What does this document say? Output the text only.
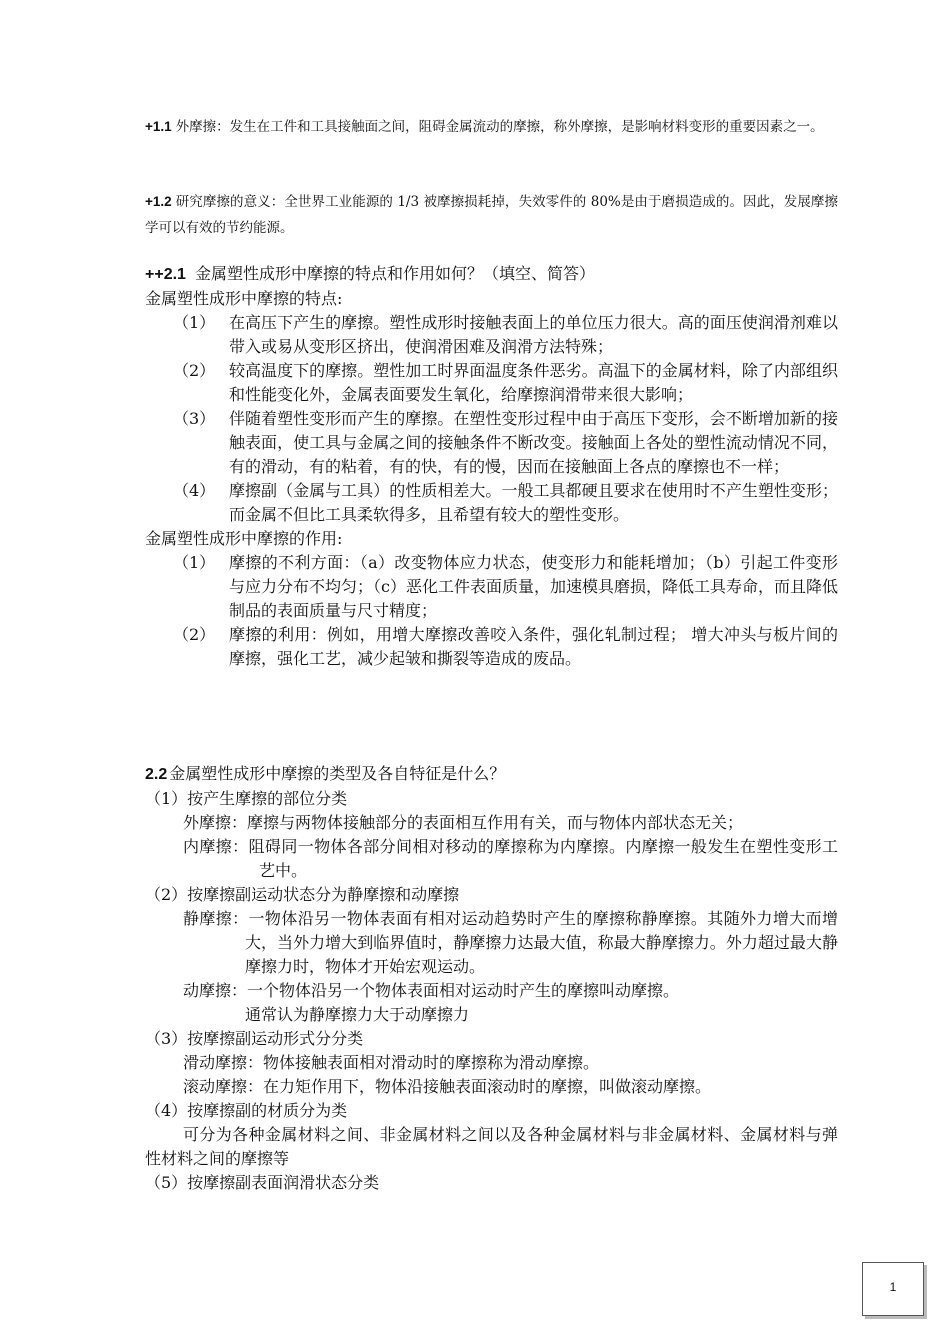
+1.1 外摩擦：发生在工件和工具接触面之间，阻碍金属流动的摩擦，称外摩擦，是影响材料变形的重要因素之一。

+1.2 研究摩擦的意义：全世界工业能源的 1/3 被摩擦损耗掉，失效零件的 80%是由于磨损造成的。因此，发展摩擦学可以有效的节约能源。

++2.1 金属塑性成形中摩擦的特点和作用如何？（填空、简答）

金属塑性成形中摩擦的特点:

（1） 在高压下产生的摩擦。塑性成形时接触表面上的单位压力很大。高的面压使润滑剂难以带入或易从变形区挤出，使润滑困难及润滑方法特殊；
（2） 较高温度下的摩擦。塑性加工时界面温度条件恶劣。高温下的金属材料，除了内部组织和性能变化外，金属表面要发生氧化，给摩擦润滑带来很大影响；
（3） 伴随着塑性变形而产生的摩擦。在塑性变形过程中由于高压下变形，会不断增加新的接触表面，使工具与金属之间的接触条件不断改变。接触面上各处的塑性流动情况不同，有的滑动，有的粘着，有的快，有的慢，因而在接触面上各点的摩擦也不一样；
（4） 摩擦副（金属与工具）的性质相差大。一般工具都硬且要求在使用时不产生塑性变形；而金属不但比工具柔软得多，且希望有较大的塑性变形。

金属塑性成形中摩擦的作用:

（1） 摩擦的不利方面：（a）改变物体应力状态，使变形力和能耗增加；（b）引起工件变形与应力分布不均匀；（c）恶化工件表面质量，加速模具磨损，降低工具寿命，而且降低制品的表面质量与尺寸精度；
（2） 摩擦的利用：例如，用增大摩擦改善咬入条件，强化轧制过程； 增大冲头与板片间的摩擦，强化工艺，减少起皱和撕裂等造成的废品。

2.2 金属塑性成形中摩擦的类型及各自特征是什么？

（1）按产生摩擦的部位分类
外摩擦：摩擦与两物体接触部分的表面相互作用有关，而与物体内部状态无关；
内摩擦：阻碍同一物体各部分间相对移动的摩擦称为内摩擦。内摩擦一般发生在塑性变形工艺中。
（2）按摩擦副运动状态分为静摩擦和动摩擦
静摩擦：一物体沿另一物体表面有相对运动趋势时产生的摩擦称静摩擦。其随外力增大而增大，当外力增大到临界值时，静摩擦力达最大值，称最大静摩擦力。外力超过最大静摩擦力时，物体才开始宏观运动。
动摩擦：一个物体沿另一个物体表面相对运动时产生的摩擦叫动摩擦。
通常认为静摩擦力大于动摩擦力
（3）按摩擦副运动形式分分类
滑动摩擦：物体接触表面相对滑动时的摩擦称为滑动摩擦。
滚动摩擦：在力矩作用下，物体沿接触表面滚动时的摩擦，叫做滚动摩擦。
（4）按摩擦副的材质分为类
可分为各种金属材料之间、非金属材料之间以及各种金属材料与非金属材料、金属材料与弹性材料之间的摩擦等
（5）按摩擦副表面润滑状态分类
1
